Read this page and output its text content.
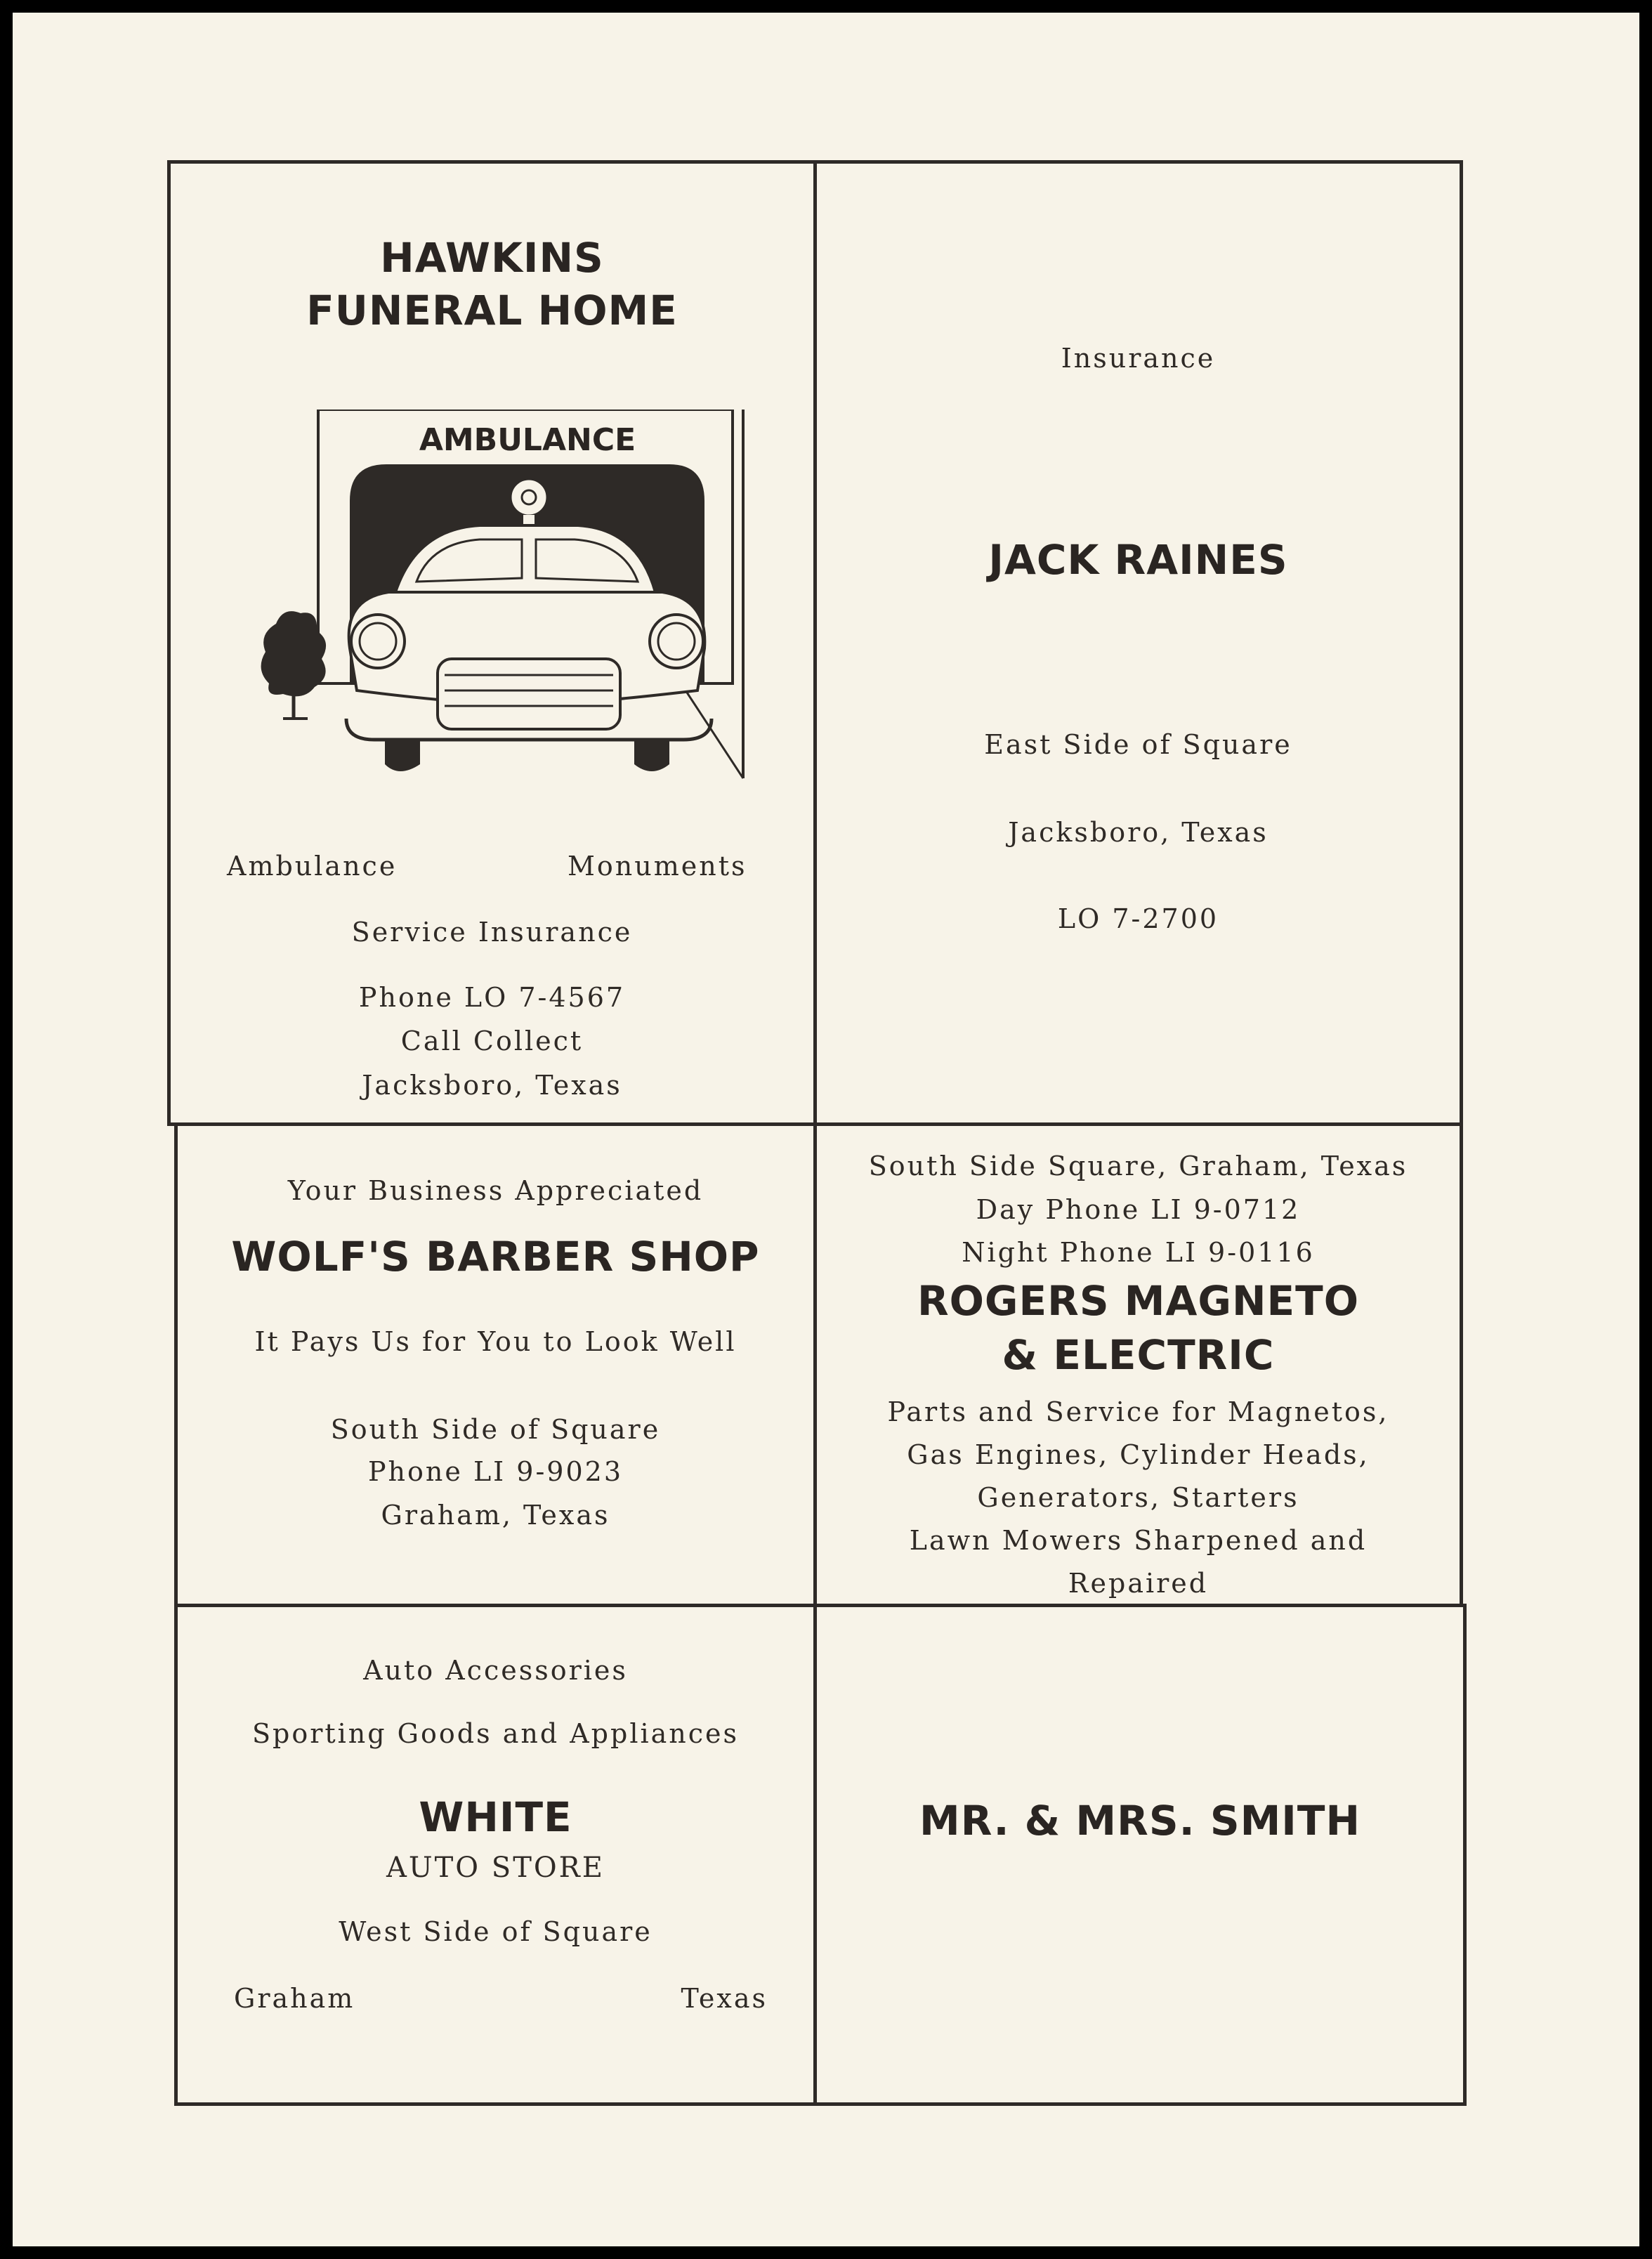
HAWKINS
FUNERAL HOME
AMBULANCE
Ambulance	Monuments
Service Insurance
Phone LO 7-4567
Call Collect
Jacksboro, Texas
Insurance
JACK RAINES
East Side of Square
Jacksboro, Texas
LO 7-2700
Your Business Appreciated
WOLF'S BARBER SHOP
It Pays Us for You to Look Well
South Side of Square
Phone LI 9-9023
Graham, Texas
South Side Square, Graham, Texas
Day Phone LI 9-0712
Night Phone LI 9-0116
ROGERS MAGNETO
& ELECTRIC
Parts and Service for Magnetos,
Gas Engines, Cylinder Heads,
Generators, Starters
Lawn Mowers Sharpened and
Repaired
Auto Accessories
Sporting Goods and Appliances
WHITE
AUTO STORE
West Side of Square
Graham	Texas
MR. & MRS. SMITH
